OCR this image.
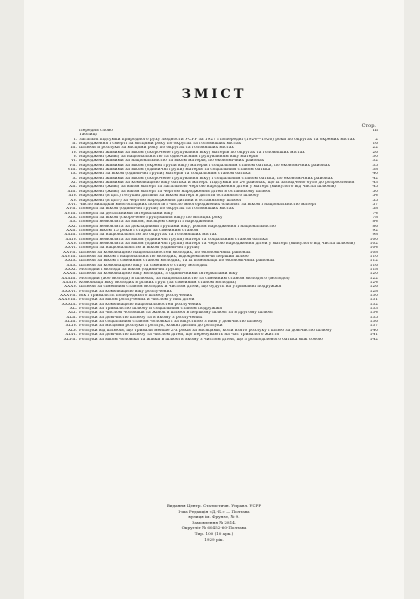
ЗМІСТ
Стор.
Передня слово	III
Таблиці
І. Загальні підсумки природного руху людности УСРР за 1927 і попередні (1924—1926) роки по округах та окремих містах	2
II. Народження і смерті за місцями року по округах та головніших містах	16
III. Шлюби й розлуки за місцями року по округах та головніших містах	22
IV. Народжені живими за віком (скорочене групування віку) матерів по округах та головніших містах	26
V. Народжені (живі) за національністю та одночасним групуванням віку матерів	30
VI. Народжені живими за національністю та віком матерів, по економічних районах	32
VII. Народжені живими за віком (окремі групи віку) матерів і соціальним станом батька, по економічних районах	35
VIII. Народжені живими за віком (одиничні групи) матерів та соціальним станом батька	38
IX. Народжені за віком (одиничні групи) матерів та соціальним станом батька	40
X. Народжені живими за віком (скорочене групування віку) і соціальним станом батька, по економічних районах	42
XI. Народжені живими за комбінацією віку батька й матері. Підсумки по 24 районах, що їх засвідчено було до розроблення	43
XII. Народжені (живі) за віком матері та загальною чергою народження дітей у матері (минулого від числа шлюбів)	45
XIII. Народжені (живі) за віком матері та чергою народження дітей в останньому шлюбі	50
XIV. Народжені (в ціл.) гетушні дитини за віком матері в дитяти останнього шлюбу	54
XV. Народжені (в ціл?) за чергою народження дитини в останньому шлюбі	55
XVI. Число випадків многоплідних пологів і число многороджених близнят за віком і національністю матері	57
XVII. Померлі за віком (одиничні групи) по округах та головніших містах	58
XVIII. Померлі за детальними інтервалами віку	74
XIX. Померлі за віком (скорочене групування віку) по місяцях року	78
XX. Померлі немовлята за віком, місяцем смерті і народження	84
XXI. Померлі немовлята за докладними групами віку, роком народження і національністю	86
XXII. Померлі віком 15 років і старші за сімейним станом	92
XXIII. Померлі за національністю по округах та головніших містах	98
XXIV. Померлі немовлята за віком (одиничні групи) матері та соціальним станом батька	100
XXV. Померлі немовлята за віком (одиничні групи) матері та чергою народження дітей у матері (минулого від числа шлюбів)	102
XXVI. Померлі за національністю й віком (одиничні групи)	104
XXVII. Шлюби за комбінацією національностей молодих, по економічних районах	108
XXVIII. Шлюби за віком і національністю молодих, відокремлюючи перший шлюб	110
XXIX. Шлюби за віком і сімейним станом молодих, та їх комбінації по економічних районах	112
XXX. Шлюби за комбінацією віку та сімейного стану молодих	116
XXXI. Молодий і молода за віком (одиничні групи)	118
XXXII. Шлюби за комбінацією віку молодих, з одиничними інтервалами віку	120
XXXIII. Молодий (або молода) в шлюбах, за національністю та сімейним станом молодого (молодої)	122
XXXIV. Комбінації віку молодих в різних груп (за сімейним станом молодих)	124
XXXV. Шлюби за сімейним станом молодих й числом дітей, що будуть на утриманні подружжя	126
XXXVI. Розлуки за комбінацією віку розлучених	128
XXXVII. Вік і тривалість попереднього шлюбу розлучених	130
XXXVIII. Розлуки за віком розлучених й числом у них дітей	131
XXXIX. Розлуки за комбінацією національностей розлучених	132
XL. Розлуки за тривалістю шлюбу й соціальним станом подружжя	133
XLI. Розлуки за числом чоловіків та жінок в шлюбі в першому шлюбі та в другому шлюбі	134
XLII. Розлуки за довічистю шлюбу та в якому з розлучених	135
XLIII. Розлуки за соціальним станом чоловіка і за вікусткою з ним у довічистю шлюбу	136
XLIV. Розлуки за місцями розлуки і розлук, кожні дитині до розлуки	137
XLV. Розлуки від шлюбів, що тривали менше 2-х років за місяцями, коли взято розлуку і шлюб за довічистю шлюбу	140
XLVI. Розлуки за довічистю шлюбу та числом дітей, що перебувають на час тривалого життя	141
XLVII. Розлуки за віком чоловіка та жінки в шлюбі в якому з числом дітей, що з розподіленого батька між собою	142
Видання Центр. Статистичн. Управл. УСРР
І-ша Редакція «Д.-Б.» — Полтава
вулиця ім. Фрунзе, № 9.
Замовлення № 2814.
Округліт № 60452-60-Полтава
Тир. 100 (10 арк.)
1929 рік.
